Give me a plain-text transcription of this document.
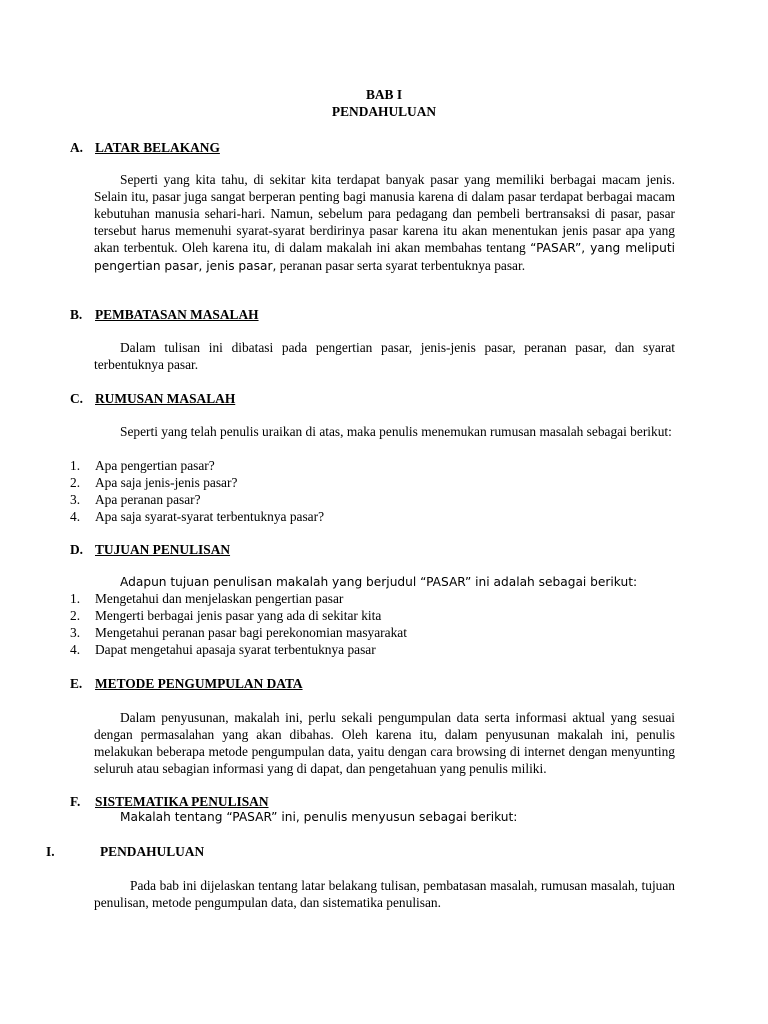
BAB I
PENDAHULUAN
A. LATAR BELAKANG
Seperti yang kita tahu, di sekitar kita terdapat banyak pasar yang memiliki berbagai macam jenis. Selain itu, pasar juga sangat berperan penting bagi manusia karena di dalam pasar terdapat berbagai macam kebutuhan manusia sehari-hari. Namun, sebelum para pedagang dan pembeli bertransaksi di pasar, pasar tersebut harus memenuhi syarat-syarat berdirinya pasar karena itu akan menentukan jenis pasar apa yang akan terbentuk. Oleh karena itu, di dalam makalah ini akan membahas tentang “PASAR”, yang meliputi pengertian pasar, jenis pasar, peranan pasar serta syarat terbentuknya pasar.
B. PEMBATASAN MASALAH
Dalam tulisan ini dibatasi pada pengertian pasar, jenis-jenis pasar, peranan pasar, dan syarat terbentuknya pasar.
C. RUMUSAN MASALAH
Seperti yang telah penulis uraikan di atas, maka penulis menemukan rumusan masalah sebagai berikut:
1. Apa pengertian pasar?
2. Apa saja jenis-jenis pasar?
3. Apa peranan pasar?
4. Apa saja syarat-syarat terbentuknya pasar?
D. TUJUAN PENULISAN
Adapun tujuan penulisan makalah yang berjudul “PASAR” ini adalah sebagai berikut:
1. Mengetahui dan menjelaskan pengertian pasar
2. Mengerti berbagai jenis pasar yang ada di sekitar kita
3. Mengetahui peranan pasar bagi perekonomian masyarakat
4. Dapat mengetahui apasaja syarat terbentuknya pasar
E. METODE PENGUMPULAN DATA
Dalam penyusunan, makalah ini, perlu sekali pengumpulan data serta informasi aktual yang sesuai dengan permasalahan yang akan dibahas. Oleh karena itu, dalam penyusunan makalah ini, penulis melakukan beberapa metode pengumpulan data, yaitu dengan cara browsing di internet dengan menyunting seluruh atau sebagian informasi yang di dapat, dan pengetahuan yang penulis miliki.
F. SISTEMATIKA PENULISAN
Makalah tentang “PASAR” ini, penulis menyusun sebagai berikut:
I.	PENDAHULUAN
Pada bab ini dijelaskan tentang latar belakang tulisan, pembatasan masalah, rumusan masalah, tujuan penulisan, metode pengumpulan data, dan sistematika penulisan.
